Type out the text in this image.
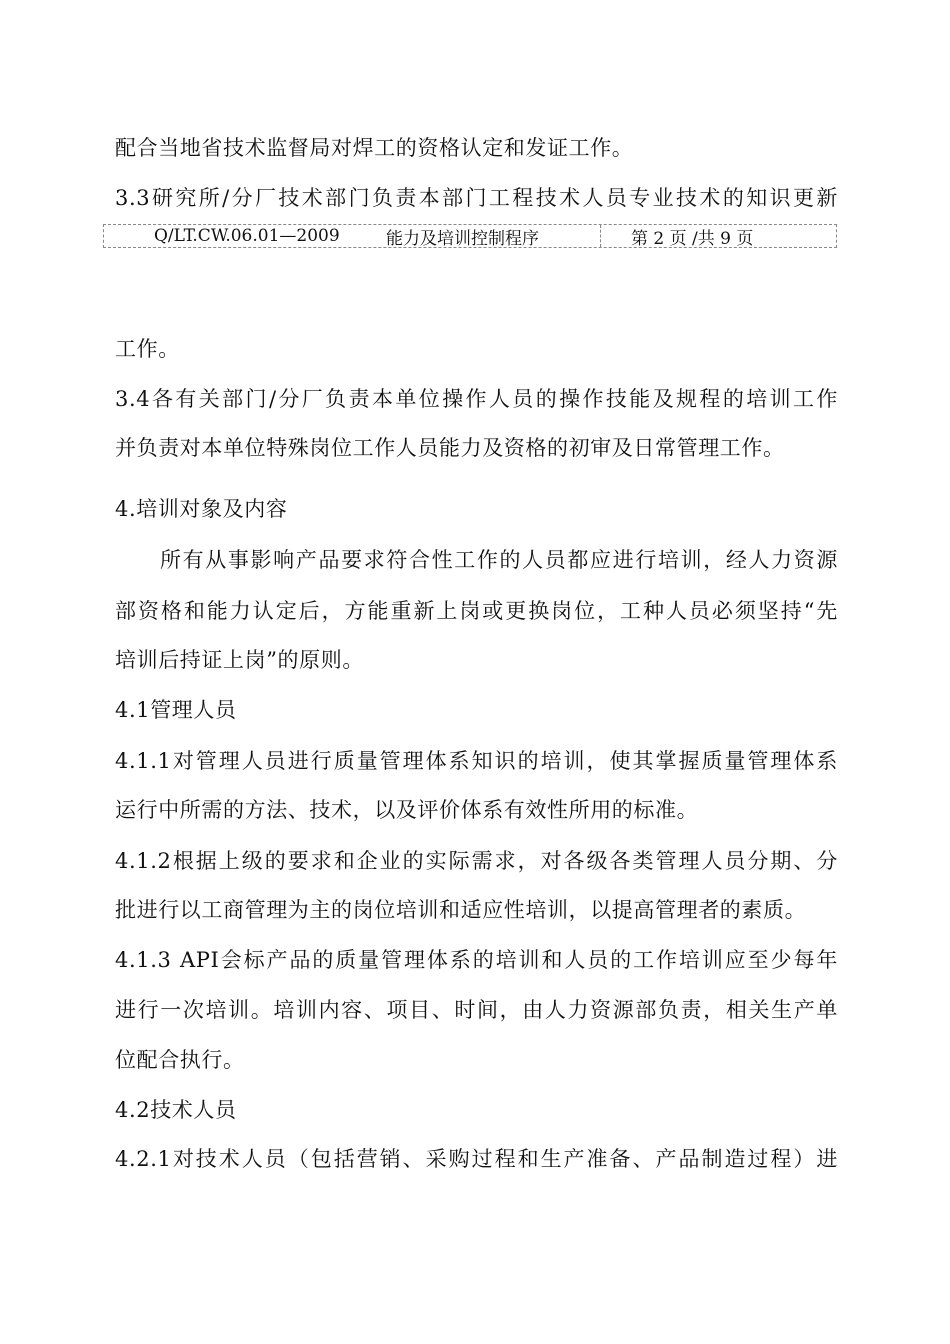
配合当地省技术监督局对焊工的资格认定和发证工作。
3.3研究所/分厂技术部门负责本部门工程技术人员专业技术的知识更新
Q/LT.CW.06.01—2009	能力及培训控制程序	第 2 页 /共 9 页
工作。
3.4各有关部门/分厂负责本单位操作人员的操作技能及规程的培训工作
并负责对本单位特殊岗位工作人员能力及资格的初审及日常管理工作。
4.培训对象及内容
所有从事影响产品要求符合性工作的人员都应进行培训，经人力资源
部资格和能力认定后，方能重新上岗或更换岗位，工种人员必须坚持“先
培训后持证上岗”的原则。
4.1管理人员
4.1.1对管理人员进行质量管理体系知识的培训，使其掌握质量管理体系
运行中所需的方法、技术，以及评价体系有效性所用的标准。
4.1.2根据上级的要求和企业的实际需求，对各级各类管理人员分期、分
批进行以工商管理为主的岗位培训和适应性培训，以提高管理者的素质。
4.1.3 API会标产品的质量管理体系的培训和人员的工作培训应至少每年
进行一次培训。培训内容、项目、时间，由人力资源部负责，相关生产单
位配合执行。
4.2技术人员
4.2.1对技术人员（包括营销、采购过程和生产准备、产品制造过程）进
